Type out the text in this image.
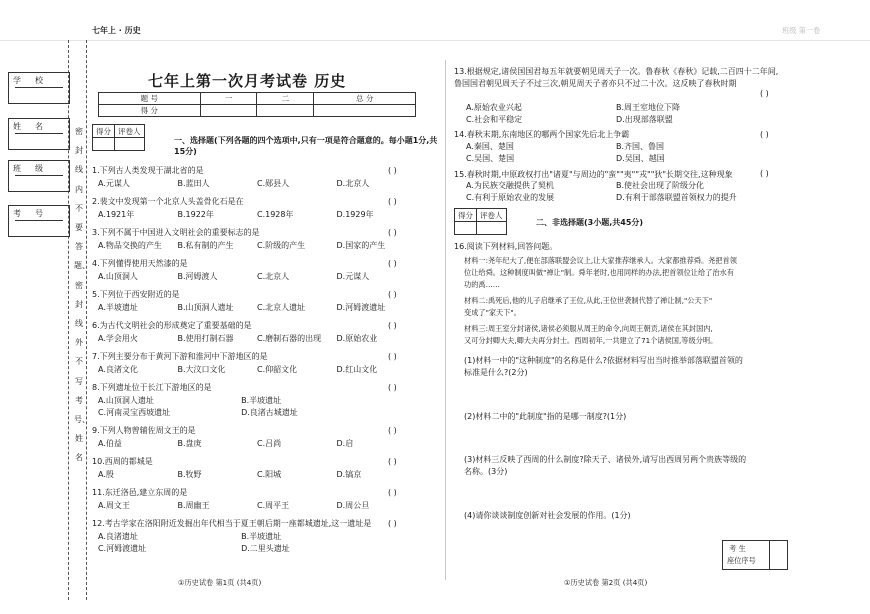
七年上 · 历史	班级 第一卷
学校
姓名
班级
考号
密封线内不要答题、密封线外不写考号、姓名
七年上第一次月考试卷 历史
题 号	一	二	总 分
得 分			
得分	评卷人

一、选择题(下列各题的四个选项中,只有一项是符合题意的。每小题1分,共15分)
1.下列古人类发现于湖北省的是	( )
A.元谋人	B.蓝田人	C.郧县人	D.北京人
2.裴文中发现第一个北京人头盖骨化石是在	( )
A.1921年	B.1922年	C.1928年	D.1929年
3.下列不属于中国进入文明社会的重要标志的是	( )
A.物品交换的产生 B.私有制的产生	C.阶级的产生	D.国家的产生
4.下列懂得使用天然漆的是	( )
A.山顶洞人	B.河姆渡人	C.北京人	D.元谋人
5.下列位于西安附近的是	( )
A.半坡遗址	B.山顶洞人遗址	C.北京人遗址	D.河姆渡遗址
6.为古代文明社会的形成奠定了重要基础的是	( )
A.学会用火	B.使用打制石器	C.磨制石器的出现 D.原始农业
7.下列主要分布于黄河下游和淮河中下游地区的是	( )
A.良渚文化	B.大汶口文化	C.仰韶文化	D.红山文化
8.下列遗址位于长江下游地区的是	( )
A.山顶洞人遗址	B.半坡遗址
C.河南灵宝西坡遗址	D.良渚古城遗址
9.下列人物曾辅佐周文王的是	( )
A.伯益	B.盘庚	C.吕尚	D.启
10.西周的都城是	( )
A.殷	B.牧野	C.阳城	D.镐京
11.东迁洛邑,建立东周的是	( )
A.周文王	B.周幽王	C.周平王	D.周公旦
12.考古学家在洛阳附近发掘出年代相当于夏王朝后期一座都城遗址,这一遗址是 ( )
A.良渚遗址	B.半坡遗址
C.河姆渡遗址	D.二里头遗址
13.根据规定,诸侯国国君每五年就要朝见周天子一次。鲁春秋《春秋》记载,二百四十二年间,鲁国国君朝见周天子不过三次,朝见周天子者亦只不过二十次。这反映了春秋时期
A.原始农业兴起	B.周王室地位下降
C.社会和平稳定	D.出现部落联盟
( )
14.春秋末期,东南地区的哪两个国家先后北上争霸
A.秦国、楚国	B.齐国、鲁国
C.吴国、楚国	D.吴国、越国
( )
15.春秋时期,中原政权打出"诸夏"与周边的"蛮""夷""戎""狄"长期交往,这种现象
A.为民族交融提供了契机	B.使社会出现了阶级分化
C.有利于原始农业的发展	D.有利于部落联盟首领权力的提升
( )
得分	评卷人

二、非选择题(3小题,共45分)
16.阅读下列材料,回答问题。
材料一:尧年纪大了,便在部落联盟会议上,让大家推荐继承人。大家都推荐舜。尧把首领
位让给舜。这种制度叫做"禅让"制。舜年老时,也用同样的办法,把首领位让给了治水有
功的禹……
材料二:禹死后,他的儿子启继承了王位,从此,王位世袭制代替了禅让制,"公天下"
变成了"家天下"。
材料三:周王室分封诸侯,诸侯必须服从周王的命令,向周王朝贡,诸侯在其封国内,
又可分封卿大夫,卿大夫再分封士。西周初年,一共建立了71个诸侯国,等级分明。
(1)材料一中的"这种制度"的名称是什么?依据材料写出当时推举部落联盟首领的
标准是什么?(2分)
(2)材料二中的"此制度"指的是哪一制度?(1分)
(3)材料三反映了西周的什么制度?除天子、诸侯外,请写出西周另两个贵族等级的
名称。(3分)
(4)请你谈谈制度创新对社会发展的作用。(1分)
考 生
座位序号
①历史试卷 第1页 (共4页)	①历史试卷 第2页 (共4页)
